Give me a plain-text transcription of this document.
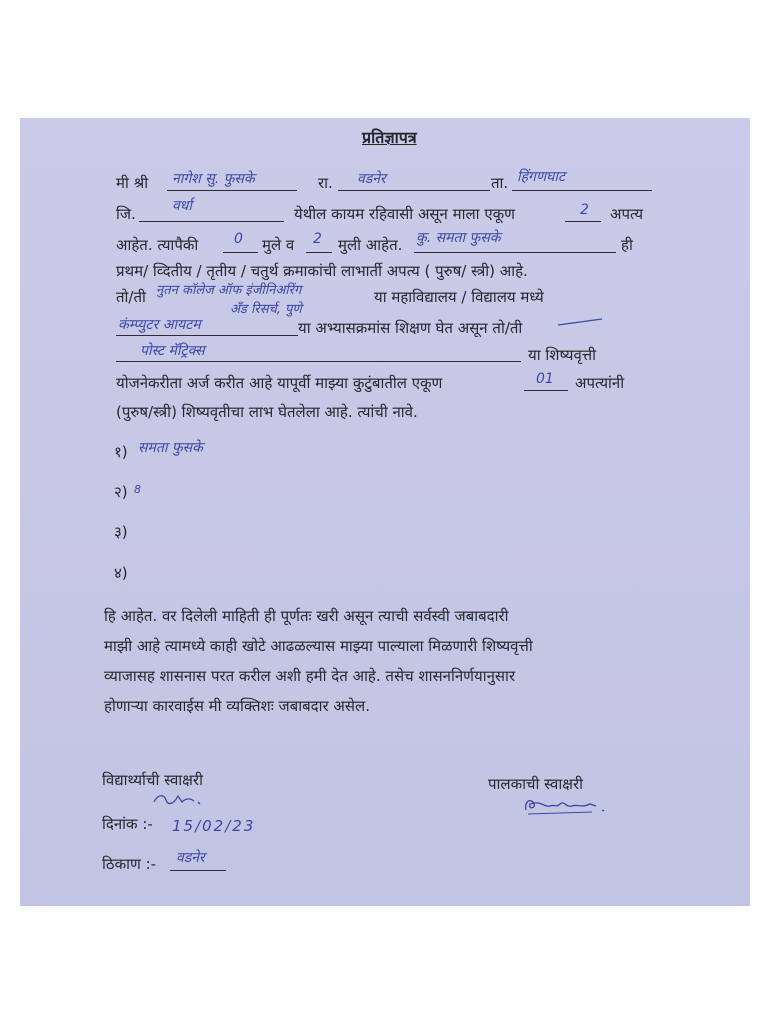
प्रतिज्ञापत्र
मी श्री नागेश सु. फुसके	रा. वडनेर	ता. हिंगणघाट
जि.	वर्धा	येथील कायम रहिवासी असून माला एकूण	2 अपत्य
आहेत. त्यापैकी	0 मुले व 2 मुली आहेत. कु. समता फुसके	ही
प्रथम/ व्दितीय / तृतीय / चतुर्थ क्रमाकांची लाभार्ती अपत्य ( पुरुष/ स्त्री) आहे.
तो/ती नुतन कॉलेज ऑफ इंजीनिअरिंग	या महाविद्यालय / विद्यालय मध्ये
अँड रिसर्च, पुणे
कंम्प्युटर आयटम	या अभ्यासक्रमांस शिक्षण घेत असून तो/ती
पोस्ट मॅट्रिक्स	या शिष्यवृत्ती
योजनेकरीता अर्ज करीत आहे यापूर्वी माझ्या कुटुंबातील एकूण	01 अपत्यांनी
(पुरुष/स्त्री) शिष्यवृतीचा लाभ घेतलेला आहे. त्यांची नावे.
१) समता फुसके
२) 8
३)
४)
हि आहेत. वर दिलेली माहिती ही पूर्णतः खरी असून त्याची सर्वस्वी जबाबदारी
माझी आहे त्यामध्ये काही खोटे आढळल्यास माझ्या पाल्याला मिळणारी शिष्यवृत्ती
व्याजासह शासनास परत करील अशी हमी देत आहे. तसेच शासननिर्णयानुसार
होणाऱ्या कारवाईस मी व्यक्तिशः जबाबदार असेल.
विद्यार्थ्याची स्वाक्षरी	पालकाची स्वाक्षरी
दिनांक :- 15/02/23
ठिकाण :- वडनेर
